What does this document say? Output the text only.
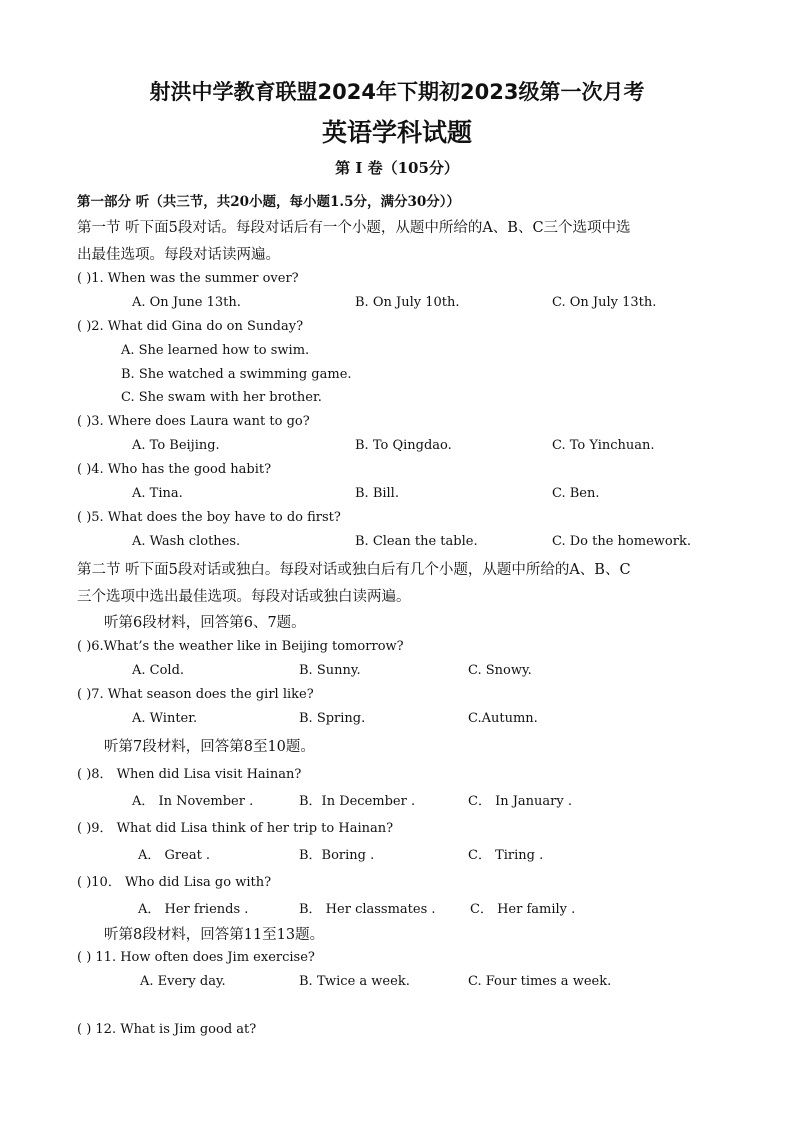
射洪中学教育联盟2024年下期初2023级第一次月考
英语学科试题
第 I 卷（105分）
第一部分 听（共三节，共20小题，每小题1.5分，满分30分））
第一节 听下面5段对话。每段对话后有一个小题，从题中所给的A、B、C三个选项中选
出最佳选项。每段对话读两遍。
( )1. When was the summer over?
A. On June 13th.	B. On July 10th.	C. On July 13th.
( )2. What did Gina do on Sunday?
A. She learned how to swim.
B. She watched a swimming game.
C. She swam with her brother.
( )3. Where does Laura want to go?
A. To Beijing.	B. To Qingdao.	C. To Yinchuan.
( )4. Who has the good habit?
A. Tina.	B. Bill.	C. Ben.
( )5. What does the boy have to do first?
A. Wash clothes.	B. Clean the table.	C. Do the homework.
第二节 听下面5段对话或独白。每段对话或独白后有几个小题，从题中所给的A、B、C
三个选项中选出最佳选项。每段对话或独白读两遍。
听第6段材料，回答第6、7题。
( )6.What’s the weather like in Beijing tomorrow?
A. Cold.	B. Sunny.	C. Snowy.
( )7. What season does the girl like?
A. Winter.	B. Spring.	C.Autumn.
听第7段材料，回答第8至10题。
( )8． When did Lisa visit Hainan?
A． In November .	B．In December .	C． In January .
( )9． What did Lisa think of her trip to Hainan?
A． Great .	B．Boring .	C． Tiring .
( )10． Who did Lisa go with?
A． Her friends .	B． Her classmates .	C． Her family .
听第8段材料，回答第11至13题。
( ) 11. How often does Jim exercise?
A. Every day.	B. Twice a week.	C. Four times a week.
( ) 12. What is Jim good at?
